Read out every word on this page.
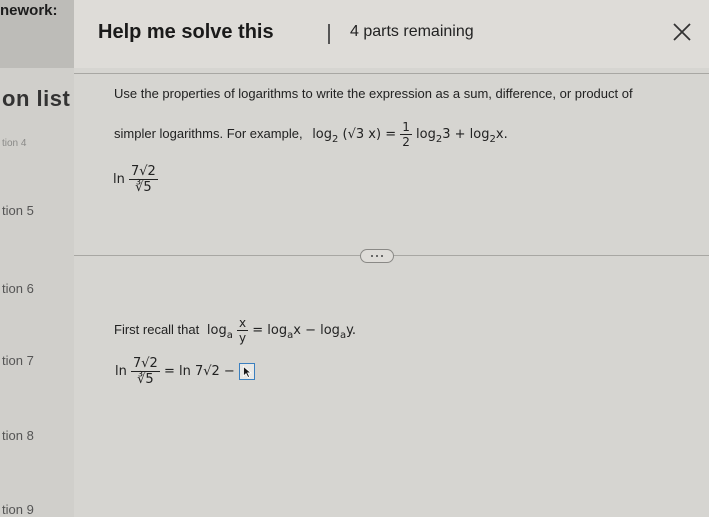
nework:
on list
tion 4
tion 5
tion 6
tion 7
tion 8
tion 9
Help me solve this	4 parts remaining
Use the properties of logarithms to write the expression as a sum, difference, or product of
simpler logarithms. For example, $\log_2 (√3$ $x) = \frac{1}{2} \log_23 + \log_2x$.
$\ln \frac{7√2}{∛5}$
First recall that $\log_a \frac{x}{y} = \log_ax - \log_ay$.
$\ln \frac{7√2}{∛5} = \ln 7√2$ −
